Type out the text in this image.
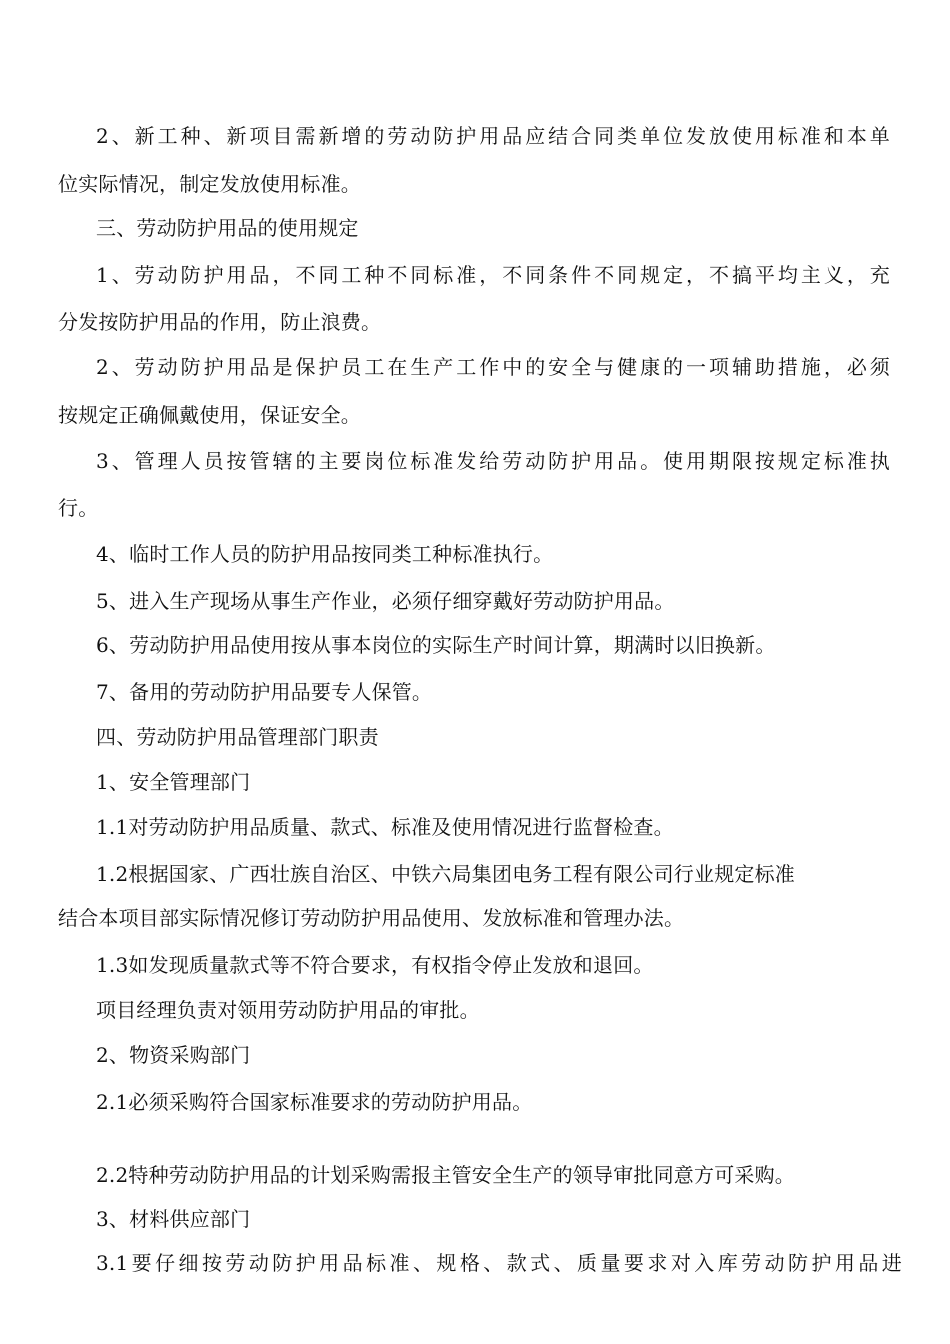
2、新工种、新项目需新增的劳动防护用品应结合同类单位发放使用标准和本单
位实际情况，制定发放使用标准。
三、劳动防护用品的使用规定
1、劳动防护用品，不同工种不同标准，不同条件不同规定，不搞平均主义，充
分发按防护用品的作用，防止浪费。
2、劳动防护用品是保护员工在生产工作中的安全与健康的一项辅助措施，必须
按规定正确佩戴使用，保证安全。
3、管理人员按管辖的主要岗位标准发给劳动防护用品。使用期限按规定标准执
行。
4、临时工作人员的防护用品按同类工种标准执行。
5、进入生产现场从事生产作业，必须仔细穿戴好劳动防护用品。
6、劳动防护用品使用按从事本岗位的实际生产时间计算，期满时以旧换新。
7、备用的劳动防护用品要专人保管。
四、劳动防护用品管理部门职责
1、安全管理部门
1.1对劳动防护用品质量、款式、标准及使用情况进行监督检查。
1.2根据国家、广西壮族自治区、中铁六局集团电务工程有限公司行业规定标准
结合本项目部实际情况修订劳动防护用品使用、发放标准和管理办法。
1.3如发现质量款式等不符合要求，有权指令停止发放和退回。
项目经理负责对领用劳动防护用品的审批。
2、物资采购部门
2.1必须采购符合国家标准要求的劳动防护用品。
2.2特种劳动防护用品的计划采购需报主管安全生产的领导审批同意方可采购。
3、材料供应部门
3.1要仔细按劳动防护用品标准、规格、款式、质量要求对入库劳动防护用品进
